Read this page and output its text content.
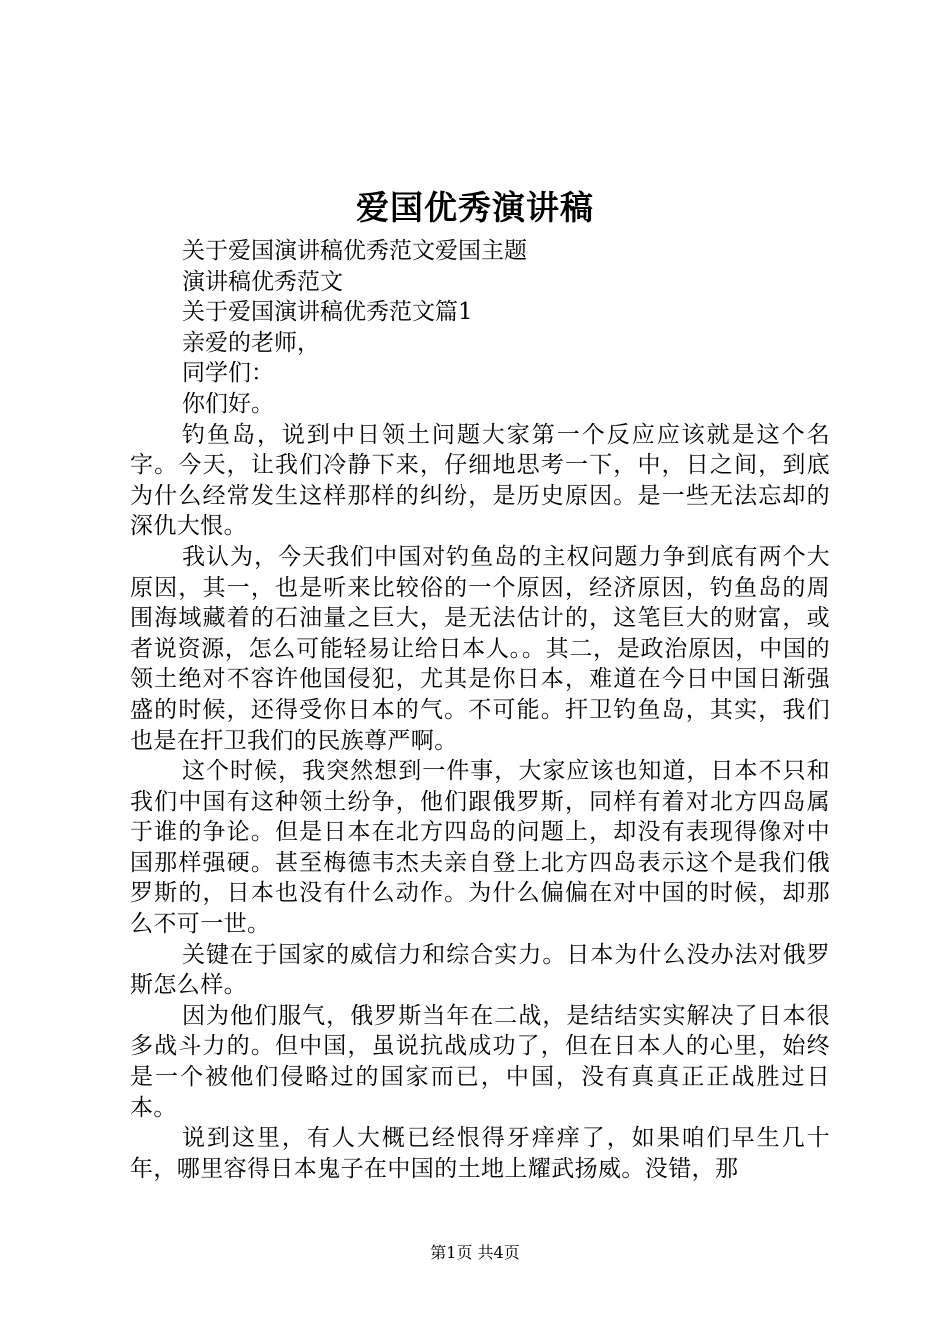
爱国优秀演讲稿
关于爱国演讲稿优秀范文爱国主题
演讲稿优秀范文
关于爱国演讲稿优秀范文篇1
亲爱的老师，
同学们：
你们好。

钓鱼岛，说到中日领土问题大家第一个反应应该就是这个名字。今天，让我们冷静下来，仔细地思考一下，中，日之间，到底为什么经常发生这样那样的纠纷，是历史原因。是一些无法忘却的深仇大恨。

我认为，今天我们中国对钓鱼岛的主权问题力争到底有两个大原因，其一，也是听来比较俗的一个原因，经济原因，钓鱼岛的周围海域藏着的石油量之巨大，是无法估计的，这笔巨大的财富，或者说资源，怎么可能轻易让给日本人。。其二，是政治原因，中国的领土绝对不容许他国侵犯，尤其是你日本，难道在今日中国日渐强盛的时候，还得受你日本的气。不可能。扞卫钓鱼岛，其实，我们也是在扞卫我们的民族尊严啊。

这个时候，我突然想到一件事，大家应该也知道，日本不只和我们中国有这种领土纷争，他们跟俄罗斯，同样有着对北方四岛属于谁的争论。但是日本在北方四岛的问题上，却没有表现得像对中国那样强硬。甚至梅德韦杰夫亲自登上北方四岛表示这个是我们俄罗斯的，日本也没有什么动作。为什么偏偏在对中国的时候，却那么不可一世。

关键在于国家的威信力和综合实力。日本为什么没办法对俄罗斯怎么样。

因为他们服气，俄罗斯当年在二战，是结结实实解决了日本很多战斗力的。但中国，虽说抗战成功了，但在日本人的心里，始终是一个被他们侵略过的国家而已，中国，没有真真正正战胜过日本。

说到这里，有人大概已经恨得牙痒痒了，如果咱们早生几十年，哪里容得日本鬼子在中国的土地上耀武扬威。没错，那

第1页 共4页
